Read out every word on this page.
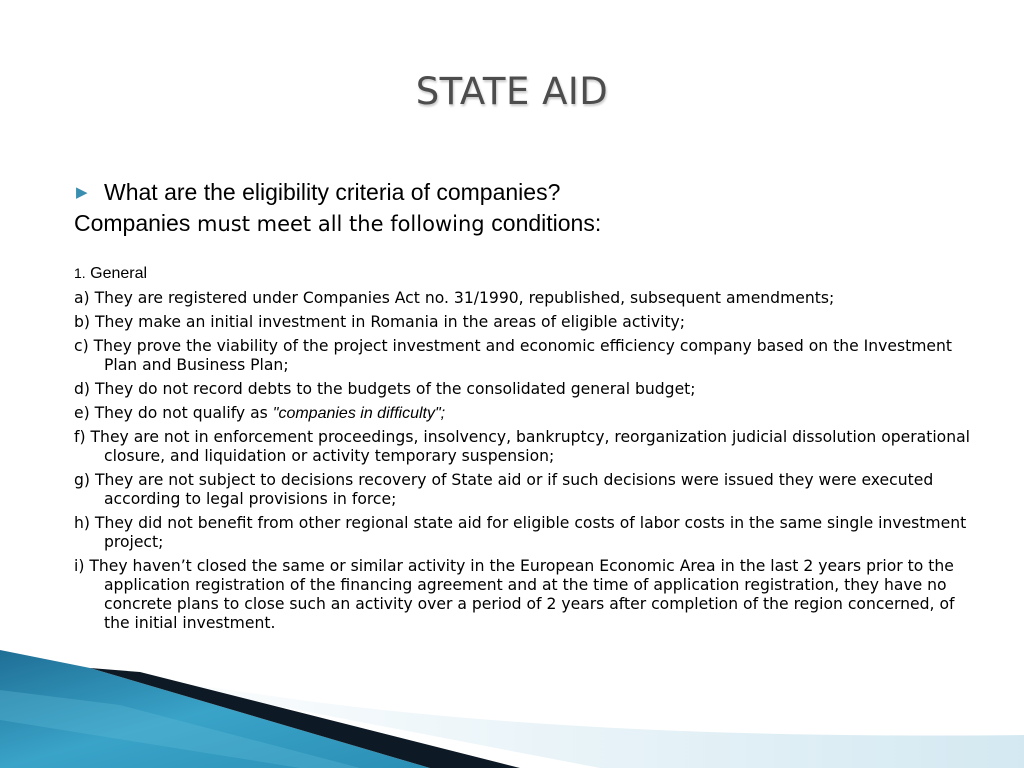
STATE AID
▶ What are the eligibility criteria of companies?
Companies must meet all the following conditions:
1. General
a) They are registered under Companies Act no. 31/1990, republished, subsequent amendments;
b) They make an initial investment in Romania in the areas of eligible activity;
c) They prove the viability of the project investment and economic efficiency company based on the Investment Plan and Business Plan;
d) They do not record debts to the budgets of the consolidated general budget;
e) They do not qualify as "companies in difficulty";
f) They are not in enforcement proceedings, insolvency, bankruptcy, reorganization judicial dissolution operational closure, and liquidation or activity temporary suspension;
g) They are not subject to decisions recovery of State aid or if such decisions were issued they were executed according to legal provisions in force;
h) They did not benefit from other regional state aid for eligible costs of labor costs in the same single investment project;
i) They haven’t closed the same or similar activity in the European Economic Area in the last 2 years prior to the application registration of the financing agreement and at the time of application registration, they have no concrete plans to close such an activity over a period of 2 years after completion of the region concerned, of the initial investment.
